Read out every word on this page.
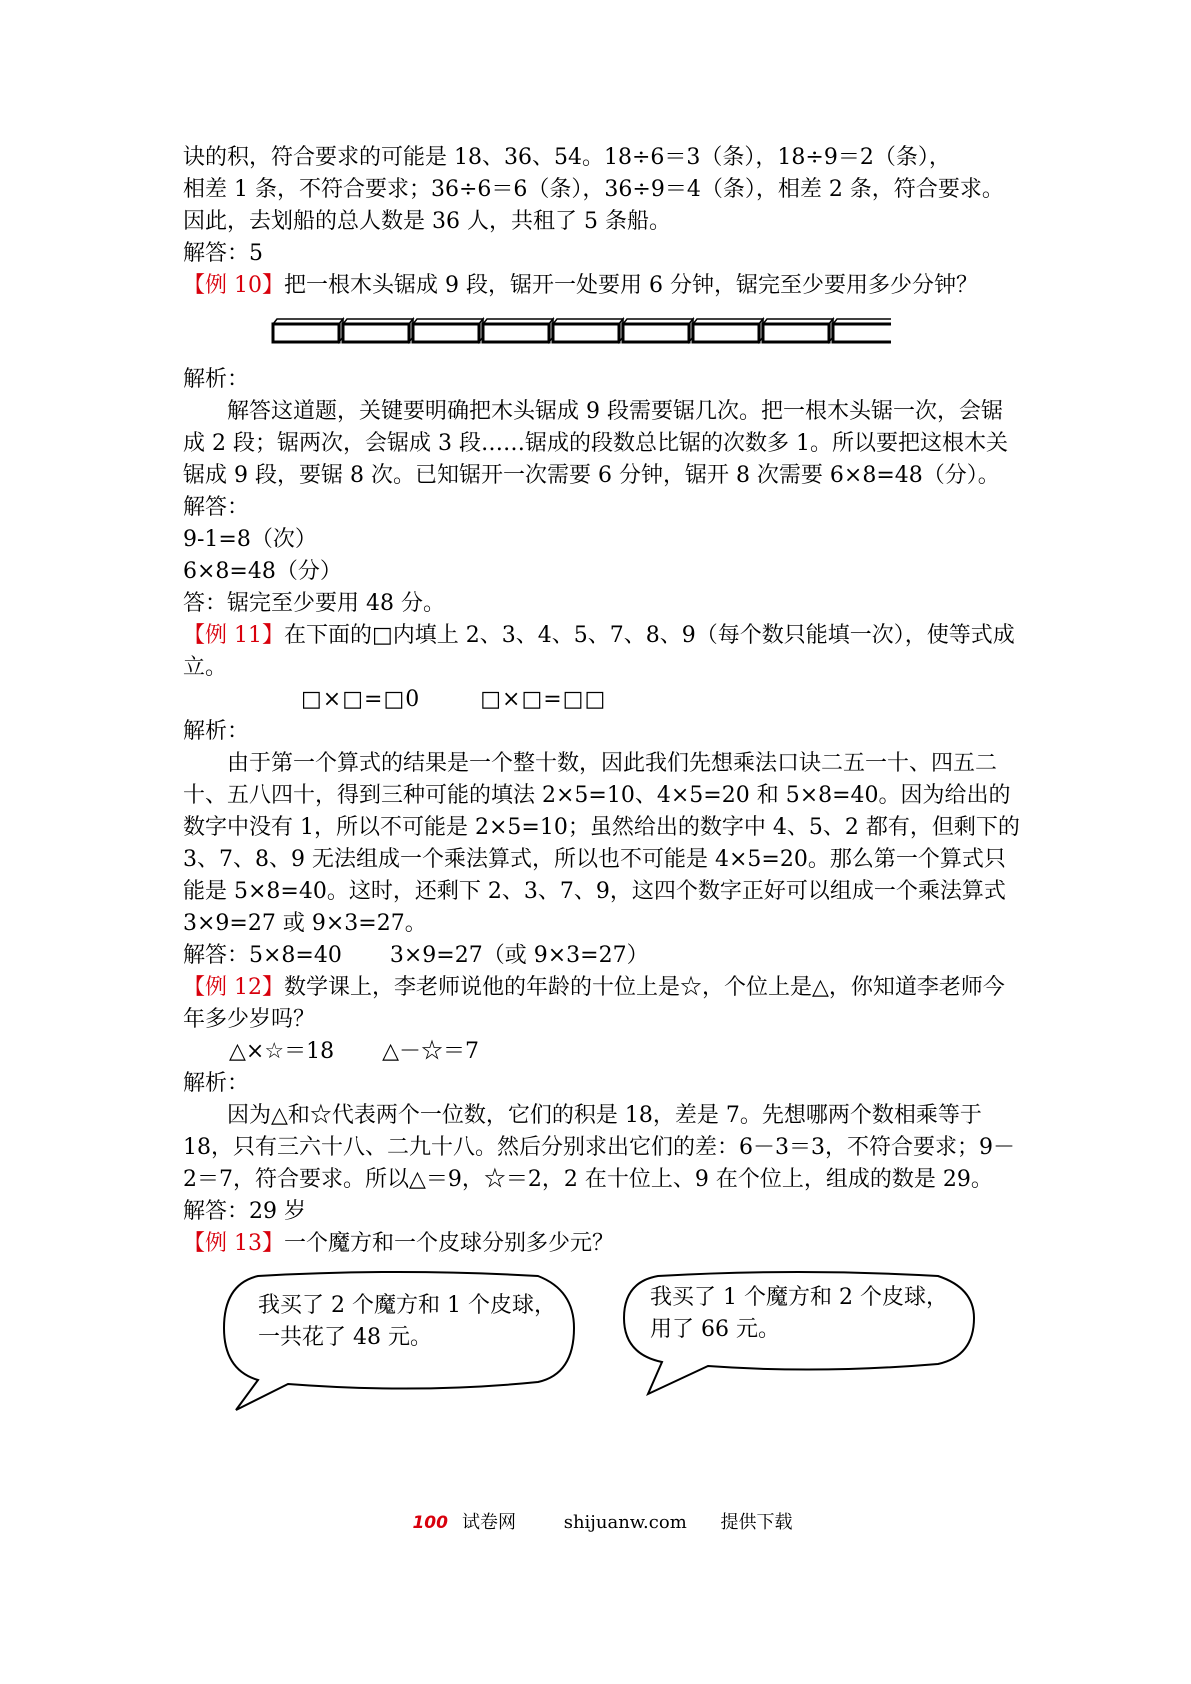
诀的积，符合要求的可能是 18、36、54。18÷6＝3（条），18÷9＝2（条），

相差 1 条，不符合要求；36÷6＝6（条），36÷9＝4（条），相差 2 条，符合要求。

因此，去划船的总人数是 36 人，共租了 5 条船。

解答：5

【例 10】把一根木头锯成 9 段，锯开一处要用 6 分钟，锯完至少要用多少分钟？

解析：

解答这道题，关键要明确把木头锯成 9 段需要锯几次。把一根木头锯一次，会锯成 2 段；锯两次，会锯成 3 段……锯成的段数总比锯的次数多 1。所以要把这根木关锯成 9 段，要锯 8 次。已知锯开一次需要 6 分钟，锯开 8 次需要 6×8=48（分）。

解答：

9-1=8（次）

6×8=48（分）

答：锯完至少要用 48 分。

【例 11】在下面的□内填上 2、3、4、5、7、8、9（每个数只能填一次），使等式成立。

□×□=□0	□×□=□□

解析：

由于第一个算式的结果是一个整十数，因此我们先想乘法口诀二五一十、四五二十、五八四十，得到三种可能的填法 2×5=10、4×5=20 和 5×8=40。因为给出的数字中没有 1，所以不可能是 2×5=10；虽然给出的数字中 4、5、2 都有，但剩下的 3、7、8、9 无法组成一个乘法算式，所以也不可能是 4×5=20。那么第一个算式只能是 5×8=40。这时，还剩下 2、3、7、9，这四个数字正好可以组成一个乘法算式 3×9=27 或 9×3=27。

解答：5×8=40 3×9=27（或 9×3=27）

【例 12】数学课上，李老师说他的年龄的十位上是☆，个位上是△，你知道李老师今年多少岁吗？

△×☆＝18 △－☆＝7

解析：

因为△和☆代表两个一位数，它们的积是 18，差是 7。先想哪两个数相乘等于 18，只有三六十八、二九十八。然后分别求出它们的差：6－3＝3，不符合要求；9－2＝7，符合要求。所以△＝9，☆＝2，2 在十位上、9 在个位上，组成的数是 29。

解答：29 岁

【例 13】一个魔方和一个皮球分别多少元？

我买了 2 个魔方和 1 个皮球，
一共花了 48 元。
我买了 1 个魔方和 2 个皮球，
用了 66 元。
100 试卷网	shijuanw.com 提供下载
